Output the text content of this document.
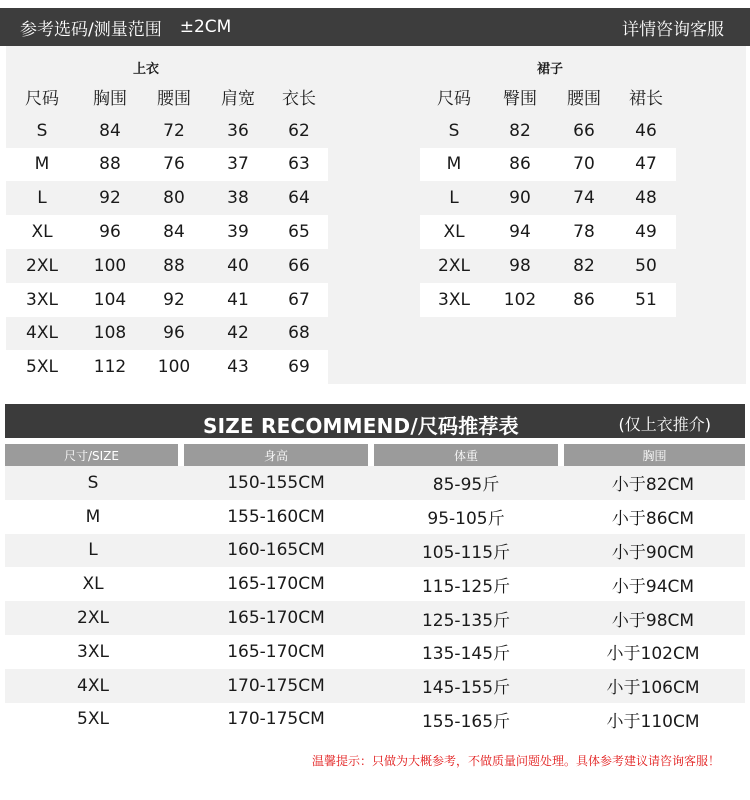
参考选码/测量范围 ±2CM	详情咨询客服
上衣	裙子
尺码	胸围	腰围	肩宽	衣长
S	84	72	36	62
M	88	76	37	63
L	92	80	38	64
XL	96	84	39	65
2XL	100	88	40	66
3XL	104	92	41	67
4XL	108	96	42	68
5XL	112	100	43	69
尺码	臀围	腰围	裙长
S	82	66	46
M	86	70	47
L	90	74	48
XL	94	78	49
2XL	98	82	50
3XL	102	86	51
SIZE RECOMMEND/尺码推荐表	(仅上衣推介)
尺寸/SIZE	身高	体重	胸围
S	150-155CM	85-95斤	小于82CM
M	155-160CM	95-105斤	小于86CM
L	160-165CM	105-115斤	小于90CM
XL	165-170CM	115-125斤	小于94CM
2XL	165-170CM	125-135斤	小于98CM
3XL	165-170CM	135-145斤	小于102CM
4XL	170-175CM	145-155斤	小于106CM
5XL	170-175CM	155-165斤	小于110CM
温馨提示：只做为大概参考，不做质量问题处理。具体参考建议请咨询客服！
